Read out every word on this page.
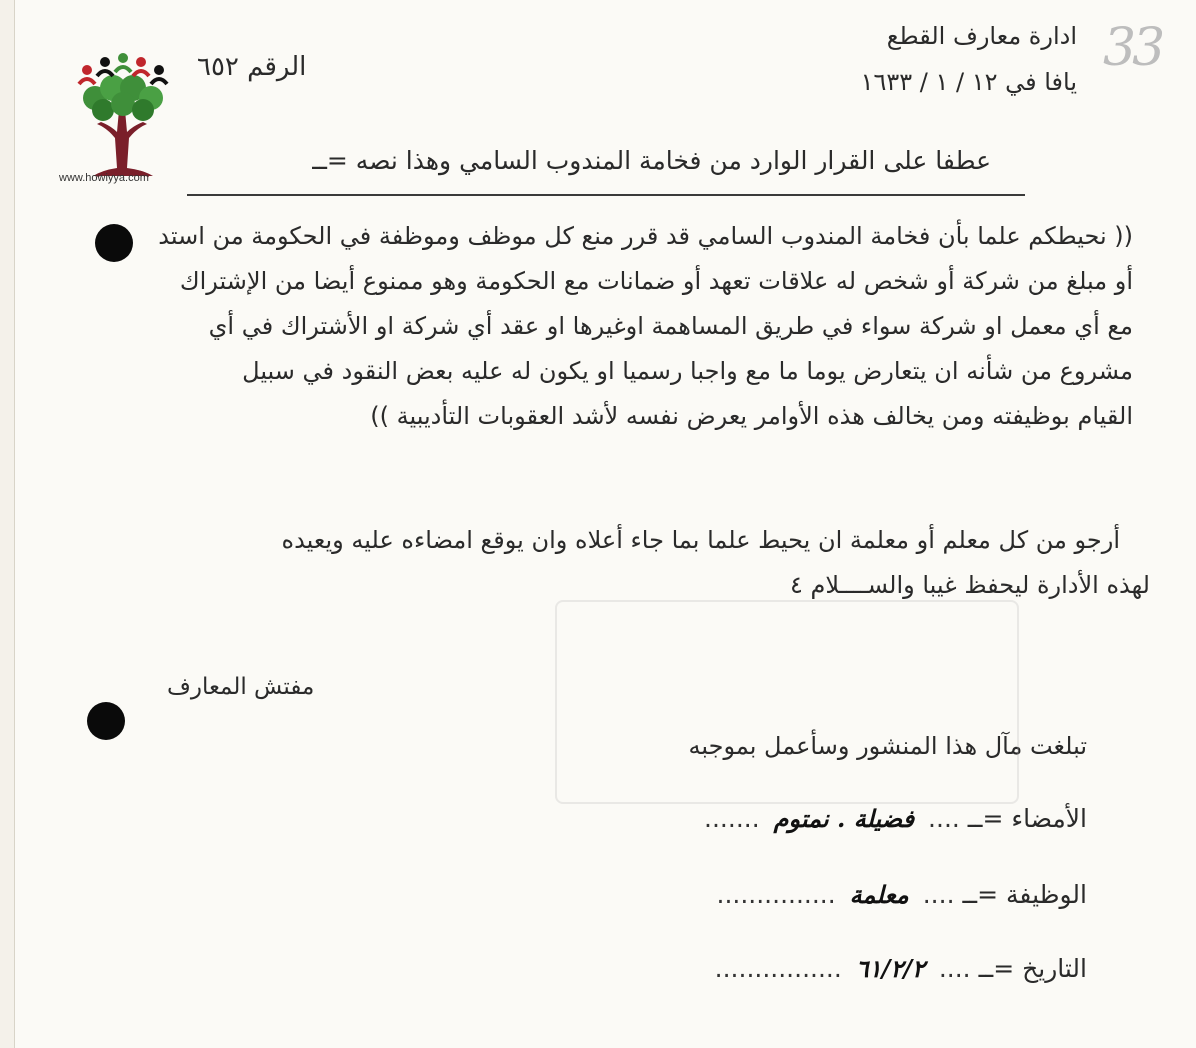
www.howiyya.com
ادارة معارف القطع
يافا في ١٢ / ١ / ١٦٣٣
الرقم ٦٥٢	33
عطفا على القرار الوارد من فخامة المندوب السامي وهذا نصه =ــ
(( نحيطكم علما بأن فخامة المندوب السامي قد قرر منع كل موظف وموظفة في الحكومة من استد
أو مبلغ من شركة أو شخص له علاقات تعهد أو ضمانات مع الحكومة وهو ممنوع أيضا من الإشتراك
مع أي معمل او شركة سواء في طريق المساهمة اوغيرها او عقد أي شركة او الأشتراك في أي
مشروع من شأنه ان يتعارض يوما ما مع واجبا رسميا او يكون له عليه بعض النقود في سبيل
القيام بوظيفته ومن يخالف هذه الأوامر يعرض نفسه لأشد العقوبات التأديبية ))
أرجو من كل معلم أو معلمة ان يحيط علما بما جاء أعلاه وان يوقع امضاءه عليه ويعيده
لهذه الأدارة ليحفظ غيبا والســــلام ٤
مفتش المعارف
تبلغت مآل هذا المنشور وسأعمل بموجبه
الأمضاء =ــ .... فضيلة . نمتوم .......
الوظيفة =ــ .... معلمة ...............
التاريخ =ــ .... ٦١/٢/٢ ................
